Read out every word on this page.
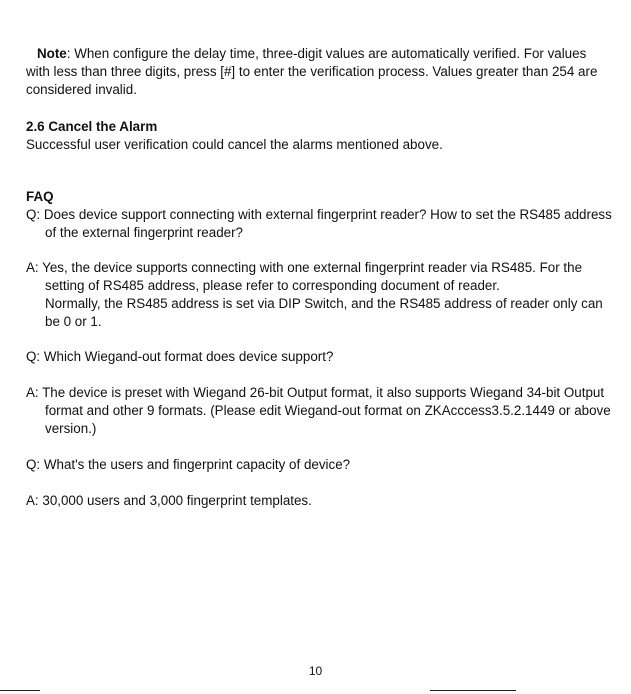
Note: When configure the delay time, three-digit values are automatically verified. For values with less than three digits, press [#] to enter the verification process. Values greater than 254 are considered invalid.

2.6 Cancel the Alarm

Successful user verification could cancel the alarms mentioned above.

FAQ

Q: Does device support connecting with external fingerprint reader? How to set the RS485 address of the external fingerprint reader?

A: Yes, the device supports connecting with one external fingerprint reader via RS485. For the setting of RS485 address, please refer to corresponding document of reader.

Normally, the RS485 address is set via DIP Switch, and the RS485 address of reader only can be 0 or 1.

Q: Which Wiegand-out format does device support?

A: The device is preset with Wiegand 26-bit Output format, it also supports Wiegand 34-bit Output format and other 9 formats. (Please edit Wiegand-out format on ZKAcccess3.5.2.1449 or above version.)

Q: What's the users and fingerprint capacity of device?

A: 30,000 users and 3,000 fingerprint templates.

10
